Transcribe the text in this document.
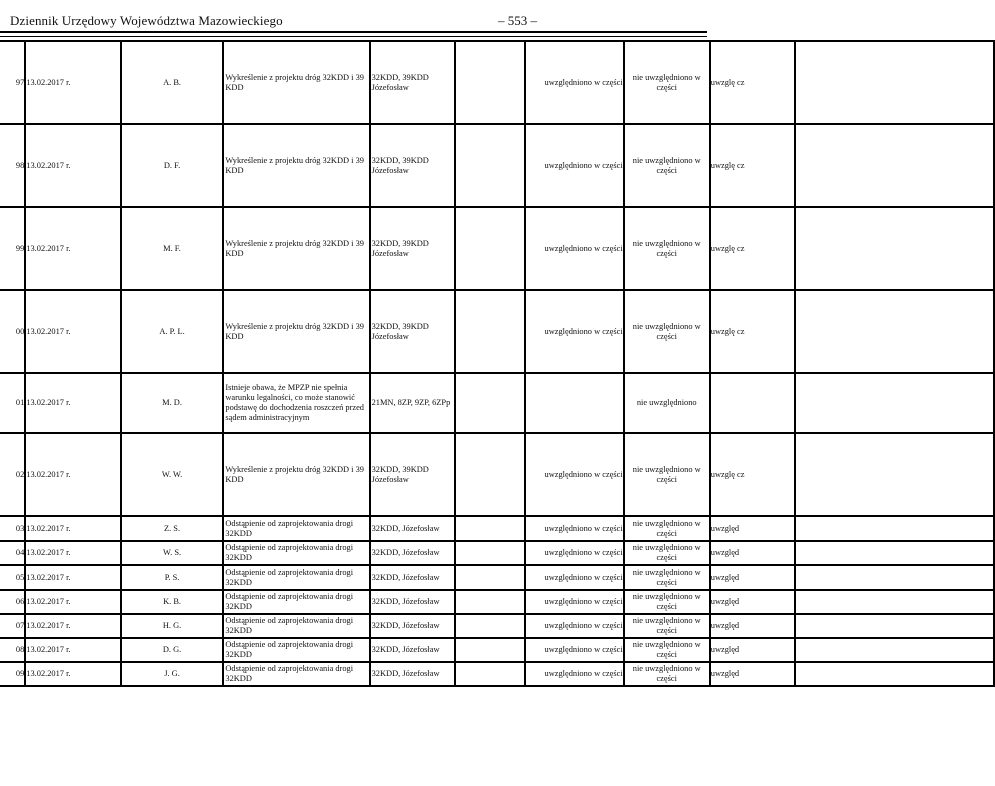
Dziennik Urzędowy Województwa Mazowieckiego	– 553 –
97	13.02.2017 r.	A. B.	Wykreślenie z projektu dróg 32KDD i 39 KDD	32KDD, 39KDD Józefosław		uwzględniono w części	nie uwzględniono w części	uwzglę cz	
98	13.02.2017 r.	D. F.	Wykreślenie z projektu dróg 32KDD i 39 KDD	32KDD, 39KDD Józefosław		uwzględniono w części	nie uwzględniono w części	uwzglę cz	
99	13.02.2017 r.	M. F.	Wykreślenie z projektu dróg 32KDD i 39 KDD	32KDD, 39KDD Józefosław		uwzględniono w części	nie uwzględniono w części	uwzglę cz	
00	13.02.2017 r.	A. P. L.	Wykreślenie z projektu dróg 32KDD i 39 KDD	32KDD, 39KDD Józefosław		uwzględniono w części	nie uwzględniono w części	uwzglę cz	
01	13.02.2017 r.	M. D.	Istnieje obawa, że MPZP nie spełnia warunku legalności, co może stanowić podstawę do dochodzenia roszczeń przed sądem administracyjnym	21MN, 8ZP, 9ZP, 6ZPp			nie uwzględniono		
02	13.02.2017 r.	W. W.	Wykreślenie z projektu dróg 32KDD i 39 KDD	32KDD, 39KDD Józefosław		uwzględniono w części	nie uwzględniono w części	uwzglę cz	
03	13.02.2017 r.	Z. S.	Odstąpienie od zaprojektowania drogi 32KDD	32KDD, Józefosław		uwzględniono w części	nie uwzględniono w części	uwzględ	
04	13.02.2017 r.	W. S.	Odstąpienie od zaprojektowania drogi 32KDD	32KDD, Józefosław		uwzględniono w części	nie uwzględniono w części	uwzględ	
05	13.02.2017 r.	P. S.	Odstąpienie od zaprojektowania drogi 32KDD	32KDD, Józefosław		uwzględniono w części	nie uwzględniono w części	uwzględ	
06	13.02.2017 r.	K. B.	Odstąpienie od zaprojektowania drogi 32KDD	32KDD, Józefosław		uwzględniono w części	nie uwzględniono w części	uwzględ	
07	13.02.2017 r.	H. G.	Odstąpienie od zaprojektowania drogi 32KDD	32KDD, Józefosław		uwzględniono w części	nie uwzględniono w części	uwzględ	
08	13.02.2017 r.	D. G.	Odstąpienie od zaprojektowania drogi 32KDD	32KDD, Józefosław		uwzględniono w części	nie uwzględniono w części	uwzględ	
09	13.02.2017 r.	J. G.	Odstąpienie od zaprojektowania drogi 32KDD	32KDD, Józefosław		uwzględniono w części	nie uwzględniono w części	uwzględ	
